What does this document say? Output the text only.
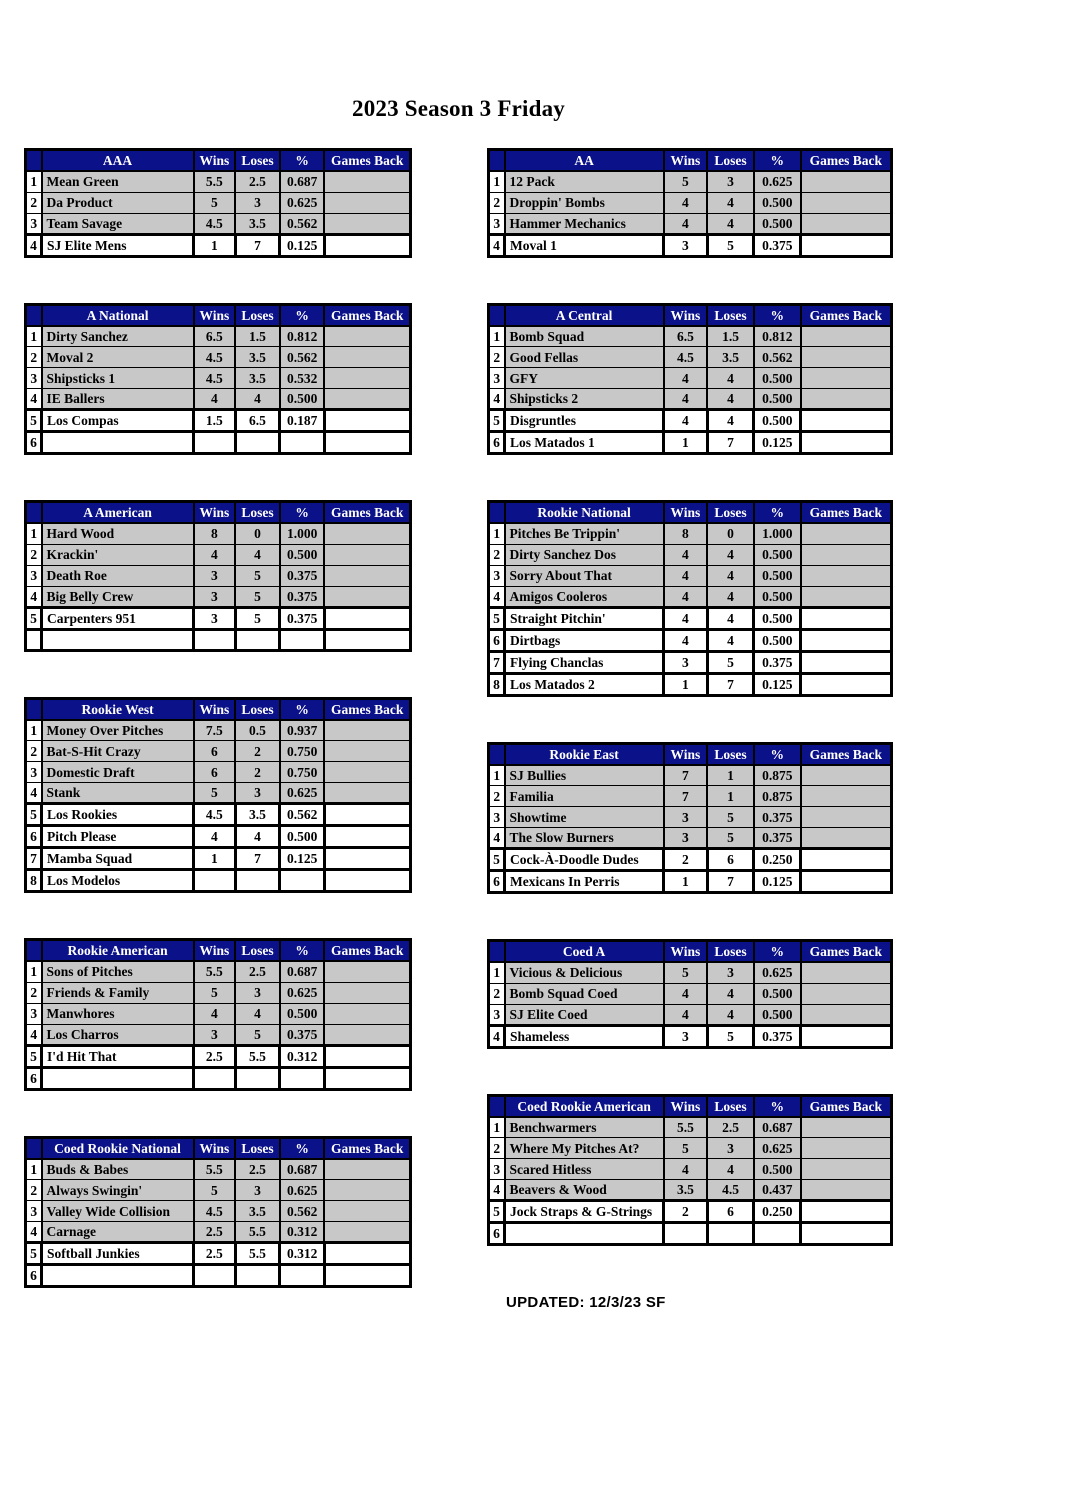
2023 Season 3 Friday
	AAA	Wins	Loses	%	Games Back
1	Mean Green	5.5	2.5	0.687	
2	Da Product	5	3	0.625	
3	Team Savage	4.5	3.5	0.562	
4	SJ Elite Mens	1	7	0.125	
	A National	Wins	Loses	%	Games Back
1	Dirty Sanchez	6.5	1.5	0.812	
2	Moval 2	4.5	3.5	0.562	
3	Shipsticks 1	4.5	3.5	0.532	
4	IE Ballers	4	4	0.500	
5	Los Compas	1.5	6.5	0.187	
6					
	A American	Wins	Loses	%	Games Back
1	Hard Wood	8	0	1.000	
2	Krackin'	4	4	0.500	
3	Death Roe	3	5	0.375	
4	Big Belly Crew	3	5	0.375	
5	Carpenters 951	3	5	0.375	

	Rookie West	Wins	Loses	%	Games Back
1	Money Over Pitches	7.5	0.5	0.937	
2	Bat-S-Hit Crazy	6	2	0.750	
3	Domestic Draft	6	2	0.750	
4	Stank	5	3	0.625	
5	Los Rookies	4.5	3.5	0.562	
6	Pitch Please	4	4	0.500	
7	Mamba Squad	1	7	0.125	
8	Los Modelos				
	Rookie American	Wins	Loses	%	Games Back
1	Sons of Pitches	5.5	2.5	0.687	
2	Friends & Family	5	3	0.625	
3	Manwhores	4	4	0.500	
4	Los Charros	3	5	0.375	
5	I'd Hit That	2.5	5.5	0.312	
6					
	Coed Rookie National	Wins	Loses	%	Games Back
1	Buds & Babes	5.5	2.5	0.687	
2	Always Swingin'	5	3	0.625	
3	Valley Wide Collision	4.5	3.5	0.562	
4	Carnage	2.5	5.5	0.312	
5	Softball Junkies	2.5	5.5	0.312	
6					
	AA	Wins	Loses	%	Games Back
1	12 Pack	5	3	0.625	
2	Droppin' Bombs	4	4	0.500	
3	Hammer Mechanics	4	4	0.500	
4	Moval 1	3	5	0.375	
	A Central	Wins	Loses	%	Games Back
1	Bomb Squad	6.5	1.5	0.812	
2	Good Fellas	4.5	3.5	0.562	
3	GFY	4	4	0.500	
4	Shipsticks 2	4	4	0.500	
5	Disgruntles	4	4	0.500	
6	Los Matados 1	1	7	0.125	
	Rookie National	Wins	Loses	%	Games Back
1	Pitches Be Trippin'	8	0	1.000	
2	Dirty Sanchez Dos	4	4	0.500	
3	Sorry About That	4	4	0.500	
4	Amigos Cooleros	4	4	0.500	
5	Straight Pitchin'	4	4	0.500	
6	Dirtbags	4	4	0.500	
7	Flying Chanclas	3	5	0.375	
8	Los Matados 2	1	7	0.125	
	Rookie East	Wins	Loses	%	Games Back
1	SJ Bullies	7	1	0.875	
2	Familia	7	1	0.875	
3	Showtime	3	5	0.375	
4	The Slow Burners	3	5	0.375	
5	Cock-À-Doodle Dudes	2	6	0.250	
6	Mexicans In Perris	1	7	0.125	
	Coed A	Wins	Loses	%	Games Back
1	Vicious & Delicious	5	3	0.625	
2	Bomb Squad Coed	4	4	0.500	
3	SJ Elite Coed	4	4	0.500	
4	Shameless	3	5	0.375	
	Coed Rookie American	Wins	Loses	%	Games Back
1	Benchwarmers	5.5	2.5	0.687	
2	Where My Pitches At?	5	3	0.625	
3	Scared Hitless	4	4	0.500	
4	Beavers & Wood	3.5	4.5	0.437	
5	Jock Straps & G-Strings	2	6	0.250	
6					
UPDATED: 12/3/23 SF
